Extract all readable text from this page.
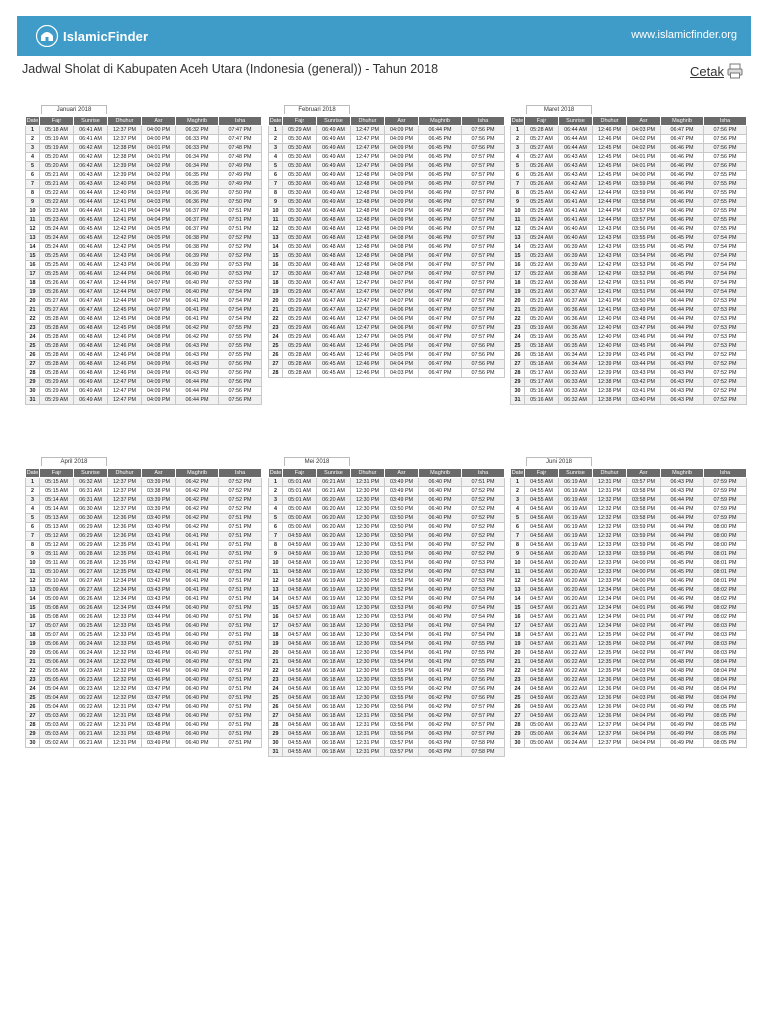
IslamicFinder	www.islamicfinder.org
Jadwal Sholat di Kabupaten Aceh Utara (Indonesia (general)) - Tahun 2018	Cetak
Januari 2018
Date	Fajr	Sunrise	Dhuhur	Asr	Maghrib	Isha
1	05:18 AM	06:41 AM	12:37 PM	04:00 PM	06:32 PM	07:47 PM
2	05:19 AM	06:41 AM	12:37 PM	04:00 PM	06:33 PM	07:47 PM
3	05:19 AM	06:42 AM	12:38 PM	04:01 PM	06:33 PM	07:48 PM
4	05:20 AM	06:42 AM	12:38 PM	04:01 PM	06:34 PM	07:48 PM
5	05:20 AM	06:42 AM	12:39 PM	04:02 PM	06:34 PM	07:49 PM
6	05:21 AM	06:43 AM	12:39 PM	04:02 PM	06:35 PM	07:49 PM
7	05:21 AM	06:43 AM	12:40 PM	04:03 PM	06:35 PM	07:49 PM
8	05:22 AM	06:44 AM	12:40 PM	04:03 PM	06:36 PM	07:50 PM
9	05:22 AM	06:44 AM	12:41 PM	04:03 PM	06:36 PM	07:50 PM
10	05:23 AM	06:44 AM	12:41 PM	04:04 PM	06:37 PM	07:51 PM
11	05:23 AM	06:45 AM	12:41 PM	04:04 PM	06:37 PM	07:51 PM
12	05:24 AM	06:45 AM	12:42 PM	04:05 PM	06:37 PM	07:51 PM
13	05:24 AM	06:45 AM	12:42 PM	04:05 PM	06:38 PM	07:52 PM
14	05:24 AM	06:46 AM	12:42 PM	04:05 PM	06:38 PM	07:52 PM
15	05:25 AM	06:46 AM	12:43 PM	04:06 PM	06:39 PM	07:52 PM
16	05:25 AM	06:46 AM	12:43 PM	04:06 PM	06:39 PM	07:53 PM
17	05:25 AM	06:46 AM	12:44 PM	04:06 PM	06:40 PM	07:53 PM
18	05:26 AM	06:47 AM	12:44 PM	04:07 PM	06:40 PM	07:53 PM
19	05:26 AM	06:47 AM	12:44 PM	04:07 PM	06:40 PM	07:54 PM
20	05:27 AM	06:47 AM	12:44 PM	04:07 PM	06:41 PM	07:54 PM
21	05:27 AM	06:47 AM	12:45 PM	04:07 PM	06:41 PM	07:54 PM
22	05:28 AM	06:48 AM	12:45 PM	04:08 PM	06:41 PM	07:54 PM
23	05:28 AM	06:48 AM	12:45 PM	04:08 PM	06:42 PM	07:55 PM
24	05:28 AM	06:48 AM	12:46 PM	04:08 PM	06:42 PM	07:55 PM
25	05:28 AM	06:48 AM	12:46 PM	04:08 PM	06:43 PM	07:55 PM
26	05:28 AM	06:48 AM	12:46 PM	04:08 PM	06:43 PM	07:55 PM
27	05:28 AM	06:48 AM	12:46 PM	04:09 PM	06:43 PM	07:56 PM
28	05:28 AM	06:48 AM	12:46 PM	04:09 PM	06:43 PM	07:56 PM
29	05:29 AM	06:49 AM	12:47 PM	04:09 PM	06:44 PM	07:56 PM
30	05:29 AM	06:49 AM	12:47 PM	04:09 PM	06:44 PM	07:56 PM
31	05:29 AM	06:49 AM	12:47 PM	04:09 PM	06:44 PM	07:56 PM
Februari 2018
Date	Fajr	Sunrise	Dhuhur	Asr	Maghrib	Isha
1	05:29 AM	06:49 AM	12:47 PM	04:09 PM	06:44 PM	07:56 PM
2	05:30 AM	06:49 AM	12:47 PM	04:09 PM	06:45 PM	07:56 PM
3	05:30 AM	06:49 AM	12:47 PM	04:09 PM	06:45 PM	07:56 PM
4	05:30 AM	06:49 AM	12:47 PM	04:09 PM	06:45 PM	07:57 PM
5	05:30 AM	06:49 AM	12:47 PM	04:09 PM	06:45 PM	07:57 PM
6	05:30 AM	06:49 AM	12:48 PM	04:09 PM	06:45 PM	07:57 PM
7	05:30 AM	06:49 AM	12:48 PM	04:09 PM	06:45 PM	07:57 PM
8	05:30 AM	06:49 AM	12:48 PM	04:09 PM	06:46 PM	07:57 PM
9	05:30 AM	06:49 AM	12:48 PM	04:09 PM	06:46 PM	07:57 PM
10	05:30 AM	06:48 AM	12:48 PM	04:09 PM	06:46 PM	07:57 PM
11	05:30 AM	06:48 AM	12:48 PM	04:09 PM	06:46 PM	07:57 PM
12	05:30 AM	06:48 AM	12:48 PM	04:09 PM	06:46 PM	07:57 PM
13	05:30 AM	06:48 AM	12:48 PM	04:08 PM	06:46 PM	07:57 PM
14	05:30 AM	06:48 AM	12:48 PM	04:08 PM	06:46 PM	07:57 PM
15	05:30 AM	06:48 AM	12:48 PM	04:08 PM	06:47 PM	07:57 PM
16	05:30 AM	06:48 AM	12:48 PM	04:08 PM	06:47 PM	07:57 PM
17	05:30 AM	06:47 AM	12:48 PM	04:07 PM	06:47 PM	07:57 PM
18	05:30 AM	06:47 AM	12:47 PM	04:07 PM	06:47 PM	07:57 PM
19	05:29 AM	06:47 AM	12:47 PM	04:07 PM	06:47 PM	07:57 PM
20	05:29 AM	06:47 AM	12:47 PM	04:07 PM	06:47 PM	07:57 PM
21	05:29 AM	06:47 AM	12:47 PM	04:06 PM	06:47 PM	07:57 PM
22	05:29 AM	06:46 AM	12:47 PM	04:06 PM	06:47 PM	07:57 PM
23	05:29 AM	06:46 AM	12:47 PM	04:06 PM	06:47 PM	07:57 PM
24	05:29 AM	06:46 AM	12:47 PM	04:05 PM	06:47 PM	07:57 PM
25	05:29 AM	06:46 AM	12:46 PM	04:05 PM	06:47 PM	07:56 PM
26	05:28 AM	06:45 AM	12:46 PM	04:05 PM	06:47 PM	07:56 PM
27	05:28 AM	06:45 AM	12:46 PM	04:04 PM	06:47 PM	07:56 PM
28	05:28 AM	06:45 AM	12:46 PM	04:03 PM	06:47 PM	07:56 PM
Maret 2018
Date	Fajr	Sunrise	Dhuhur	Asr	Maghrib	Isha
1	05:28 AM	06:44 AM	12:46 PM	04:03 PM	06:47 PM	07:56 PM
2	05:27 AM	06:44 AM	12:46 PM	04:02 PM	06:47 PM	07:56 PM
3	05:27 AM	06:44 AM	12:45 PM	04:02 PM	06:46 PM	07:56 PM
4	05:27 AM	06:43 AM	12:45 PM	04:01 PM	06:46 PM	07:56 PM
5	05:26 AM	06:43 AM	12:45 PM	04:01 PM	06:46 PM	07:56 PM
6	05:26 AM	06:43 AM	12:45 PM	04:00 PM	06:46 PM	07:55 PM
7	05:26 AM	06:42 AM	12:45 PM	03:59 PM	06:46 PM	07:55 PM
8	05:25 AM	06:42 AM	12:44 PM	03:59 PM	06:46 PM	07:55 PM
9	05:25 AM	06:41 AM	12:44 PM	03:58 PM	06:46 PM	07:55 PM
10	05:25 AM	06:41 AM	12:44 PM	03:57 PM	06:46 PM	07:55 PM
11	05:24 AM	06:41 AM	12:44 PM	03:57 PM	06:46 PM	07:55 PM
12	05:24 AM	06:40 AM	12:43 PM	03:56 PM	06:46 PM	07:55 PM
13	05:24 AM	06:40 AM	12:43 PM	03:55 PM	06:45 PM	07:54 PM
14	05:23 AM	06:39 AM	12:43 PM	03:55 PM	06:45 PM	07:54 PM
15	05:23 AM	06:39 AM	12:43 PM	03:54 PM	06:45 PM	07:54 PM
16	05:22 AM	06:39 AM	12:42 PM	03:53 PM	06:45 PM	07:54 PM
17	05:22 AM	06:38 AM	12:42 PM	03:52 PM	06:45 PM	07:54 PM
18	05:22 AM	06:38 AM	12:42 PM	03:51 PM	06:45 PM	07:54 PM
19	05:21 AM	06:37 AM	12:41 PM	03:51 PM	06:44 PM	07:54 PM
20	05:21 AM	06:37 AM	12:41 PM	03:50 PM	06:44 PM	07:53 PM
21	05:20 AM	06:36 AM	12:41 PM	03:49 PM	06:44 PM	07:53 PM
22	05:20 AM	06:36 AM	12:40 PM	03:48 PM	06:44 PM	07:53 PM
23	05:19 AM	06:36 AM	12:40 PM	03:47 PM	06:44 PM	07:53 PM
24	05:19 AM	06:35 AM	12:40 PM	03:46 PM	06:44 PM	07:53 PM
25	05:18 AM	06:35 AM	12:40 PM	03:45 PM	06:44 PM	07:53 PM
26	05:18 AM	06:34 AM	12:39 PM	03:45 PM	06:43 PM	07:52 PM
27	05:18 AM	06:34 AM	12:39 PM	03:44 PM	06:43 PM	07:52 PM
28	05:17 AM	06:33 AM	12:39 PM	03:43 PM	06:43 PM	07:52 PM
29	05:17 AM	06:33 AM	12:38 PM	03:42 PM	06:43 PM	07:52 PM
30	05:16 AM	06:33 AM	12:38 PM	03:41 PM	06:43 PM	07:52 PM
31	05:16 AM	06:32 AM	12:38 PM	03:40 PM	06:43 PM	07:52 PM
April 2018
Date	Fajr	Sunrise	Dhuhur	Asr	Maghrib	Isha
1	05:15 AM	06:32 AM	12:37 PM	03:39 PM	06:42 PM	07:52 PM
2	05:15 AM	06:31 AM	12:37 PM	03:38 PM	06:42 PM	07:52 PM
3	05:14 AM	06:31 AM	12:37 PM	03:39 PM	06:42 PM	07:52 PM
4	05:14 AM	06:30 AM	12:37 PM	03:39 PM	06:42 PM	07:52 PM
5	05:13 AM	06:30 AM	12:36 PM	03:40 PM	06:42 PM	07:51 PM
6	05:13 AM	06:29 AM	12:36 PM	03:40 PM	06:42 PM	07:51 PM
7	05:12 AM	06:29 AM	12:36 PM	03:41 PM	06:41 PM	07:51 PM
8	05:12 AM	06:29 AM	12:35 PM	03:41 PM	06:41 PM	07:51 PM
9	05:11 AM	06:28 AM	12:35 PM	03:41 PM	06:41 PM	07:51 PM
10	05:11 AM	06:28 AM	12:35 PM	03:42 PM	06:41 PM	07:51 PM
11	05:10 AM	06:27 AM	12:35 PM	03:42 PM	06:41 PM	07:51 PM
12	05:10 AM	06:27 AM	12:34 PM	03:42 PM	06:41 PM	07:51 PM
13	05:09 AM	06:27 AM	12:34 PM	03:43 PM	06:41 PM	07:51 PM
14	05:09 AM	06:26 AM	12:34 PM	03:43 PM	06:41 PM	07:51 PM
15	05:08 AM	06:26 AM	12:34 PM	03:44 PM	06:40 PM	07:51 PM
16	05:08 AM	06:26 AM	12:33 PM	03:44 PM	06:40 PM	07:51 PM
17	05:07 AM	06:25 AM	12:33 PM	03:45 PM	06:40 PM	07:51 PM
18	05:07 AM	06:25 AM	12:33 PM	03:45 PM	06:40 PM	07:51 PM
19	05:06 AM	06:24 AM	12:33 PM	03:45 PM	06:40 PM	07:51 PM
20	05:06 AM	06:24 AM	12:32 PM	03:46 PM	06:40 PM	07:51 PM
21	05:06 AM	06:24 AM	12:32 PM	03:46 PM	06:40 PM	07:51 PM
22	05:05 AM	06:23 AM	12:32 PM	03:46 PM	06:40 PM	07:51 PM
23	05:05 AM	06:23 AM	12:32 PM	03:46 PM	06:40 PM	07:51 PM
24	05:04 AM	06:23 AM	12:32 PM	03:47 PM	06:40 PM	07:51 PM
25	05:04 AM	06:22 AM	12:32 PM	03:47 PM	06:40 PM	07:51 PM
26	05:04 AM	06:22 AM	12:31 PM	03:47 PM	06:40 PM	07:51 PM
27	05:03 AM	06:22 AM	12:31 PM	03:48 PM	06:40 PM	07:51 PM
28	05:03 AM	06:22 AM	12:31 PM	03:48 PM	06:40 PM	07:51 PM
29	05:03 AM	06:21 AM	12:31 PM	03:48 PM	06:40 PM	07:51 PM
30	05:02 AM	06:21 AM	12:31 PM	03:49 PM	06:40 PM	07:51 PM
Mei 2018
Date	Fajr	Sunrise	Dhuhur	Asr	Maghrib	Isha
1	05:01 AM	06:21 AM	12:31 PM	03:49 PM	06:40 PM	07:51 PM
2	05:01 AM	06:21 AM	12:30 PM	03:49 PM	06:40 PM	07:52 PM
3	05:01 AM	06:20 AM	12:30 PM	03:49 PM	06:40 PM	07:52 PM
4	05:00 AM	06:20 AM	12:30 PM	03:50 PM	06:40 PM	07:52 PM
5	05:00 AM	06:20 AM	12:30 PM	03:50 PM	06:40 PM	07:52 PM
6	05:00 AM	06:20 AM	12:30 PM	03:50 PM	06:40 PM	07:52 PM
7	04:59 AM	06:20 AM	12:30 PM	03:50 PM	06:40 PM	07:52 PM
8	04:59 AM	06:19 AM	12:30 PM	03:51 PM	06:40 PM	07:52 PM
9	04:59 AM	06:19 AM	12:30 PM	03:51 PM	06:40 PM	07:52 PM
10	04:58 AM	06:19 AM	12:30 PM	03:51 PM	06:40 PM	07:53 PM
11	04:58 AM	06:19 AM	12:30 PM	03:52 PM	06:40 PM	07:53 PM
12	04:58 AM	06:19 AM	12:30 PM	03:52 PM	06:40 PM	07:53 PM
13	04:58 AM	06:19 AM	12:30 PM	03:52 PM	06:40 PM	07:53 PM
14	04:57 AM	06:19 AM	12:30 PM	03:52 PM	06:40 PM	07:54 PM
15	04:57 AM	06:19 AM	12:30 PM	03:53 PM	06:40 PM	07:54 PM
16	04:57 AM	06:18 AM	12:30 PM	03:53 PM	06:40 PM	07:54 PM
17	04:57 AM	06:18 AM	12:30 PM	03:53 PM	06:41 PM	07:54 PM
18	04:57 AM	06:18 AM	12:30 PM	03:54 PM	06:41 PM	07:54 PM
19	04:56 AM	06:18 AM	12:30 PM	03:54 PM	06:41 PM	07:55 PM
20	04:56 AM	06:18 AM	12:30 PM	03:54 PM	06:41 PM	07:55 PM
21	04:56 AM	06:18 AM	12:30 PM	03:54 PM	06:41 PM	07:55 PM
22	04:56 AM	06:18 AM	12:30 PM	03:55 PM	06:41 PM	07:55 PM
23	04:56 AM	06:18 AM	12:30 PM	03:55 PM	06:41 PM	07:56 PM
24	04:56 AM	06:18 AM	12:30 PM	03:55 PM	06:42 PM	07:56 PM
25	04:56 AM	06:18 AM	12:30 PM	03:55 PM	06:42 PM	07:56 PM
26	04:56 AM	06:18 AM	12:30 PM	03:56 PM	06:42 PM	07:57 PM
27	04:56 AM	06:18 AM	12:31 PM	03:56 PM	06:42 PM	07:57 PM
28	04:56 AM	06:18 AM	12:31 PM	03:56 PM	06:42 PM	07:57 PM
29	04:55 AM	06:18 AM	12:31 PM	03:56 PM	06:43 PM	07:57 PM
30	04:55 AM	06:18 AM	12:31 PM	03:57 PM	06:43 PM	07:58 PM
31	04:55 AM	06:18 AM	12:31 PM	03:57 PM	06:43 PM	07:58 PM
Juni 2018
Date	Fajr	Sunrise	Dhuhur	Asr	Maghrib	Isha
1	04:55 AM	06:19 AM	12:31 PM	03:57 PM	06:43 PM	07:59 PM
2	04:55 AM	06:19 AM	12:31 PM	03:58 PM	06:43 PM	07:59 PM
3	04:55 AM	06:19 AM	12:32 PM	03:58 PM	06:44 PM	07:59 PM
4	04:56 AM	06:19 AM	12:32 PM	03:58 PM	06:44 PM	07:59 PM
5	04:56 AM	06:19 AM	12:32 PM	03:58 PM	06:44 PM	07:59 PM
6	04:56 AM	06:19 AM	12:32 PM	03:59 PM	06:44 PM	08:00 PM
7	04:56 AM	06:19 AM	12:32 PM	03:59 PM	06:44 PM	08:00 PM
8	04:56 AM	06:19 AM	12:33 PM	03:59 PM	06:45 PM	08:00 PM
9	04:56 AM	06:20 AM	12:33 PM	03:59 PM	06:45 PM	08:01 PM
10	04:56 AM	06:20 AM	12:33 PM	04:00 PM	06:45 PM	08:01 PM
11	04:56 AM	06:20 AM	12:33 PM	04:00 PM	06:45 PM	08:01 PM
12	04:56 AM	06:20 AM	12:33 PM	04:00 PM	06:46 PM	08:01 PM
13	04:56 AM	06:20 AM	12:34 PM	04:01 PM	06:46 PM	08:02 PM
14	04:57 AM	06:20 AM	12:34 PM	04:01 PM	06:46 PM	08:02 PM
15	04:57 AM	06:21 AM	12:34 PM	04:01 PM	06:46 PM	08:02 PM
16	04:57 AM	06:21 AM	12:34 PM	04:01 PM	06:47 PM	08:02 PM
17	04:57 AM	06:21 AM	12:34 PM	04:02 PM	06:47 PM	08:03 PM
18	04:57 AM	06:21 AM	12:35 PM	04:02 PM	06:47 PM	08:03 PM
19	04:57 AM	06:21 AM	12:35 PM	04:02 PM	06:47 PM	08:03 PM
20	04:58 AM	06:22 AM	12:35 PM	04:02 PM	06:47 PM	08:03 PM
21	04:58 AM	06:22 AM	12:35 PM	04:02 PM	06:48 PM	08:04 PM
22	04:58 AM	06:22 AM	12:35 PM	04:03 PM	06:48 PM	08:04 PM
23	04:58 AM	06:22 AM	12:36 PM	04:03 PM	06:48 PM	08:04 PM
24	04:58 AM	06:22 AM	12:36 PM	04:03 PM	06:48 PM	08:04 PM
25	04:59 AM	06:23 AM	12:36 PM	04:03 PM	06:48 PM	08:04 PM
26	04:59 AM	06:23 AM	12:36 PM	04:03 PM	06:49 PM	08:05 PM
27	04:59 AM	06:23 AM	12:36 PM	04:04 PM	06:49 PM	08:05 PM
28	05:00 AM	06:23 AM	12:37 PM	04:04 PM	06:49 PM	08:05 PM
29	05:00 AM	06:24 AM	12:37 PM	04:04 PM	06:49 PM	08:05 PM
30	05:00 AM	06:24 AM	12:37 PM	04:04 PM	06:49 PM	08:05 PM
